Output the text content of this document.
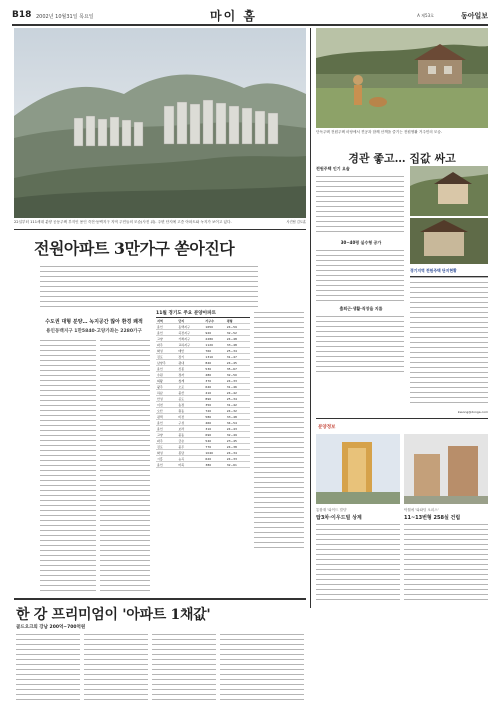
B18 2002년 10월31일 목요일	마이 홈	A 제53호	동아일보
22일부터 111세대 분양 공동주택 부지인 용인 죽전·동백지구 지역 주민들의 모습(사진 위). 주변 단지에 고층 아파트와 녹지가 보이고 있다.	사진팀 김도훈
전원아파트 3만가구 쏟아진다
수도권 대형 분양… 녹지공간 많아 환경 쾌적
용인동백지구 1만5840·고양가좌는 2280가구
11월 경기도 주요 분양아파트
지역	단지	가구수	평형
용인	동백지구	1650	24~59
용인	죽전지구	920	32~52
고양	가좌지구	2280	24~48
파주	교하지구	1120	33~48
화성	태안	760	25~34
김포	장기	1310	31~47
남양주	평내	840	24~45
용인	신봉	530	35~67
수원	정자	480	32~50
의왕	청계	370	24~33
광주	오포	640	31~46
하남	풍산	410	24~42
안성	공도	890	25~34
이천	송정	350	31~42
오산	원동	720	24~32
평택	비전	580	33~48
용인	구성	460	34~54
용인	보라	310	24~43
고양	풍동	690	32~49
파주	금촌	540	23~45
김포	풍무	770	24~38
화성	봉담	1040	24~34
시흥	능곡	620	24~33
용인	마북	380	32~61
단독주택 전원주택 마당에서 견공과 함께 산책을 즐기는 전원생활 거주민의 모습.
경관 좋고… 집값 싸고
전원주택 인기 요술
30~40평 실수형 공가
출퇴근·생활·직장을 지름
경기지역 전원주택 단지현황
kssong@donga.com
분양정보
통합재 '와이드 빌딩'
탑3차·이우드빌 상계
탁월에 '와와딩 오피스'
11~13번형 258실 건립
한 강 프리미엄이 '아파트 1채값'
골드오크의 강남 200억~700억원
